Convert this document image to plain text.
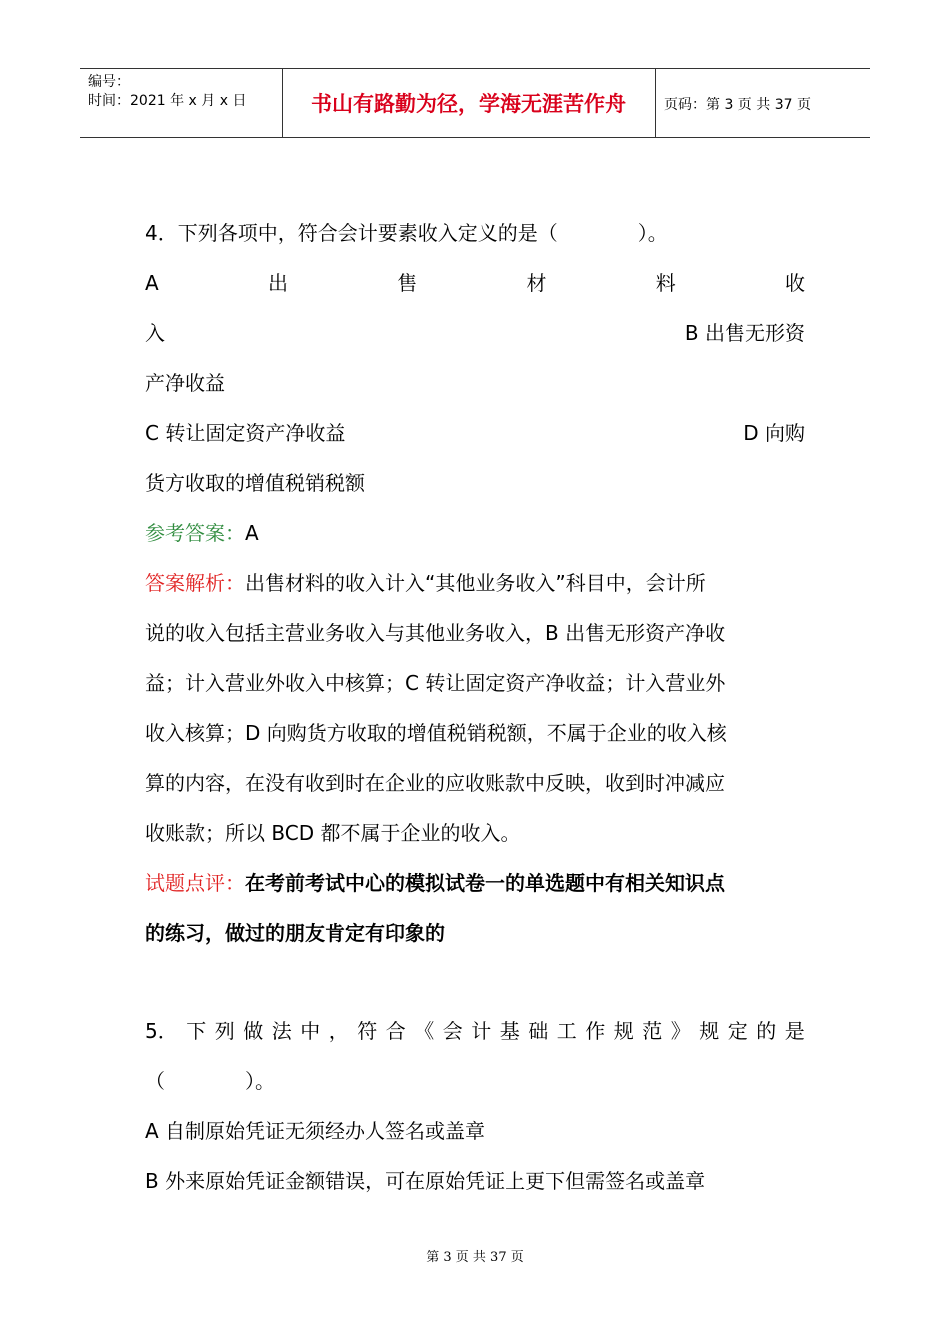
编号：
时间：2021 年 x 月 x 日	书山有路勤为径，学海无涯苦作舟	页码：第 3 页 共 37 页
4．下列各项中，符合会计要素收入定义的是（　　　　）。
A	出	售	材	料	收
入	B 出售无形资
产净收益
C 转让固定资产净收益	D 向购
货方收取的增值税销税额
参考答案：A
答案解析：出售材料的收入计入“其他业务收入”科目中，会计所
说的收入包括主营业务收入与其他业务收入，B 出售无形资产净收
益；计入营业外收入中核算；C 转让固定资产净收益；计入营业外
收入核算；D 向购货方收取的增值税销税额，不属于企业的收入核
算的内容，在没有收到时在企业的应收账款中反映，收到时冲减应
收账款；所以 BCD 都不属于企业的收入。
试题点评：在考前考试中心的模拟试卷一的单选题中有相关知识点
的练习，做过的朋友肯定有印象的
5． 下 列 做 法 中 ， 符 合 《 会 计 基 础 工 作 规 范 》 规 定 的 是
（　　　　）。
A 自制原始凭证无须经办人签名或盖章
B 外来原始凭证金额错误，可在原始凭证上更下但需签名或盖章
第 3 页 共 37 页
